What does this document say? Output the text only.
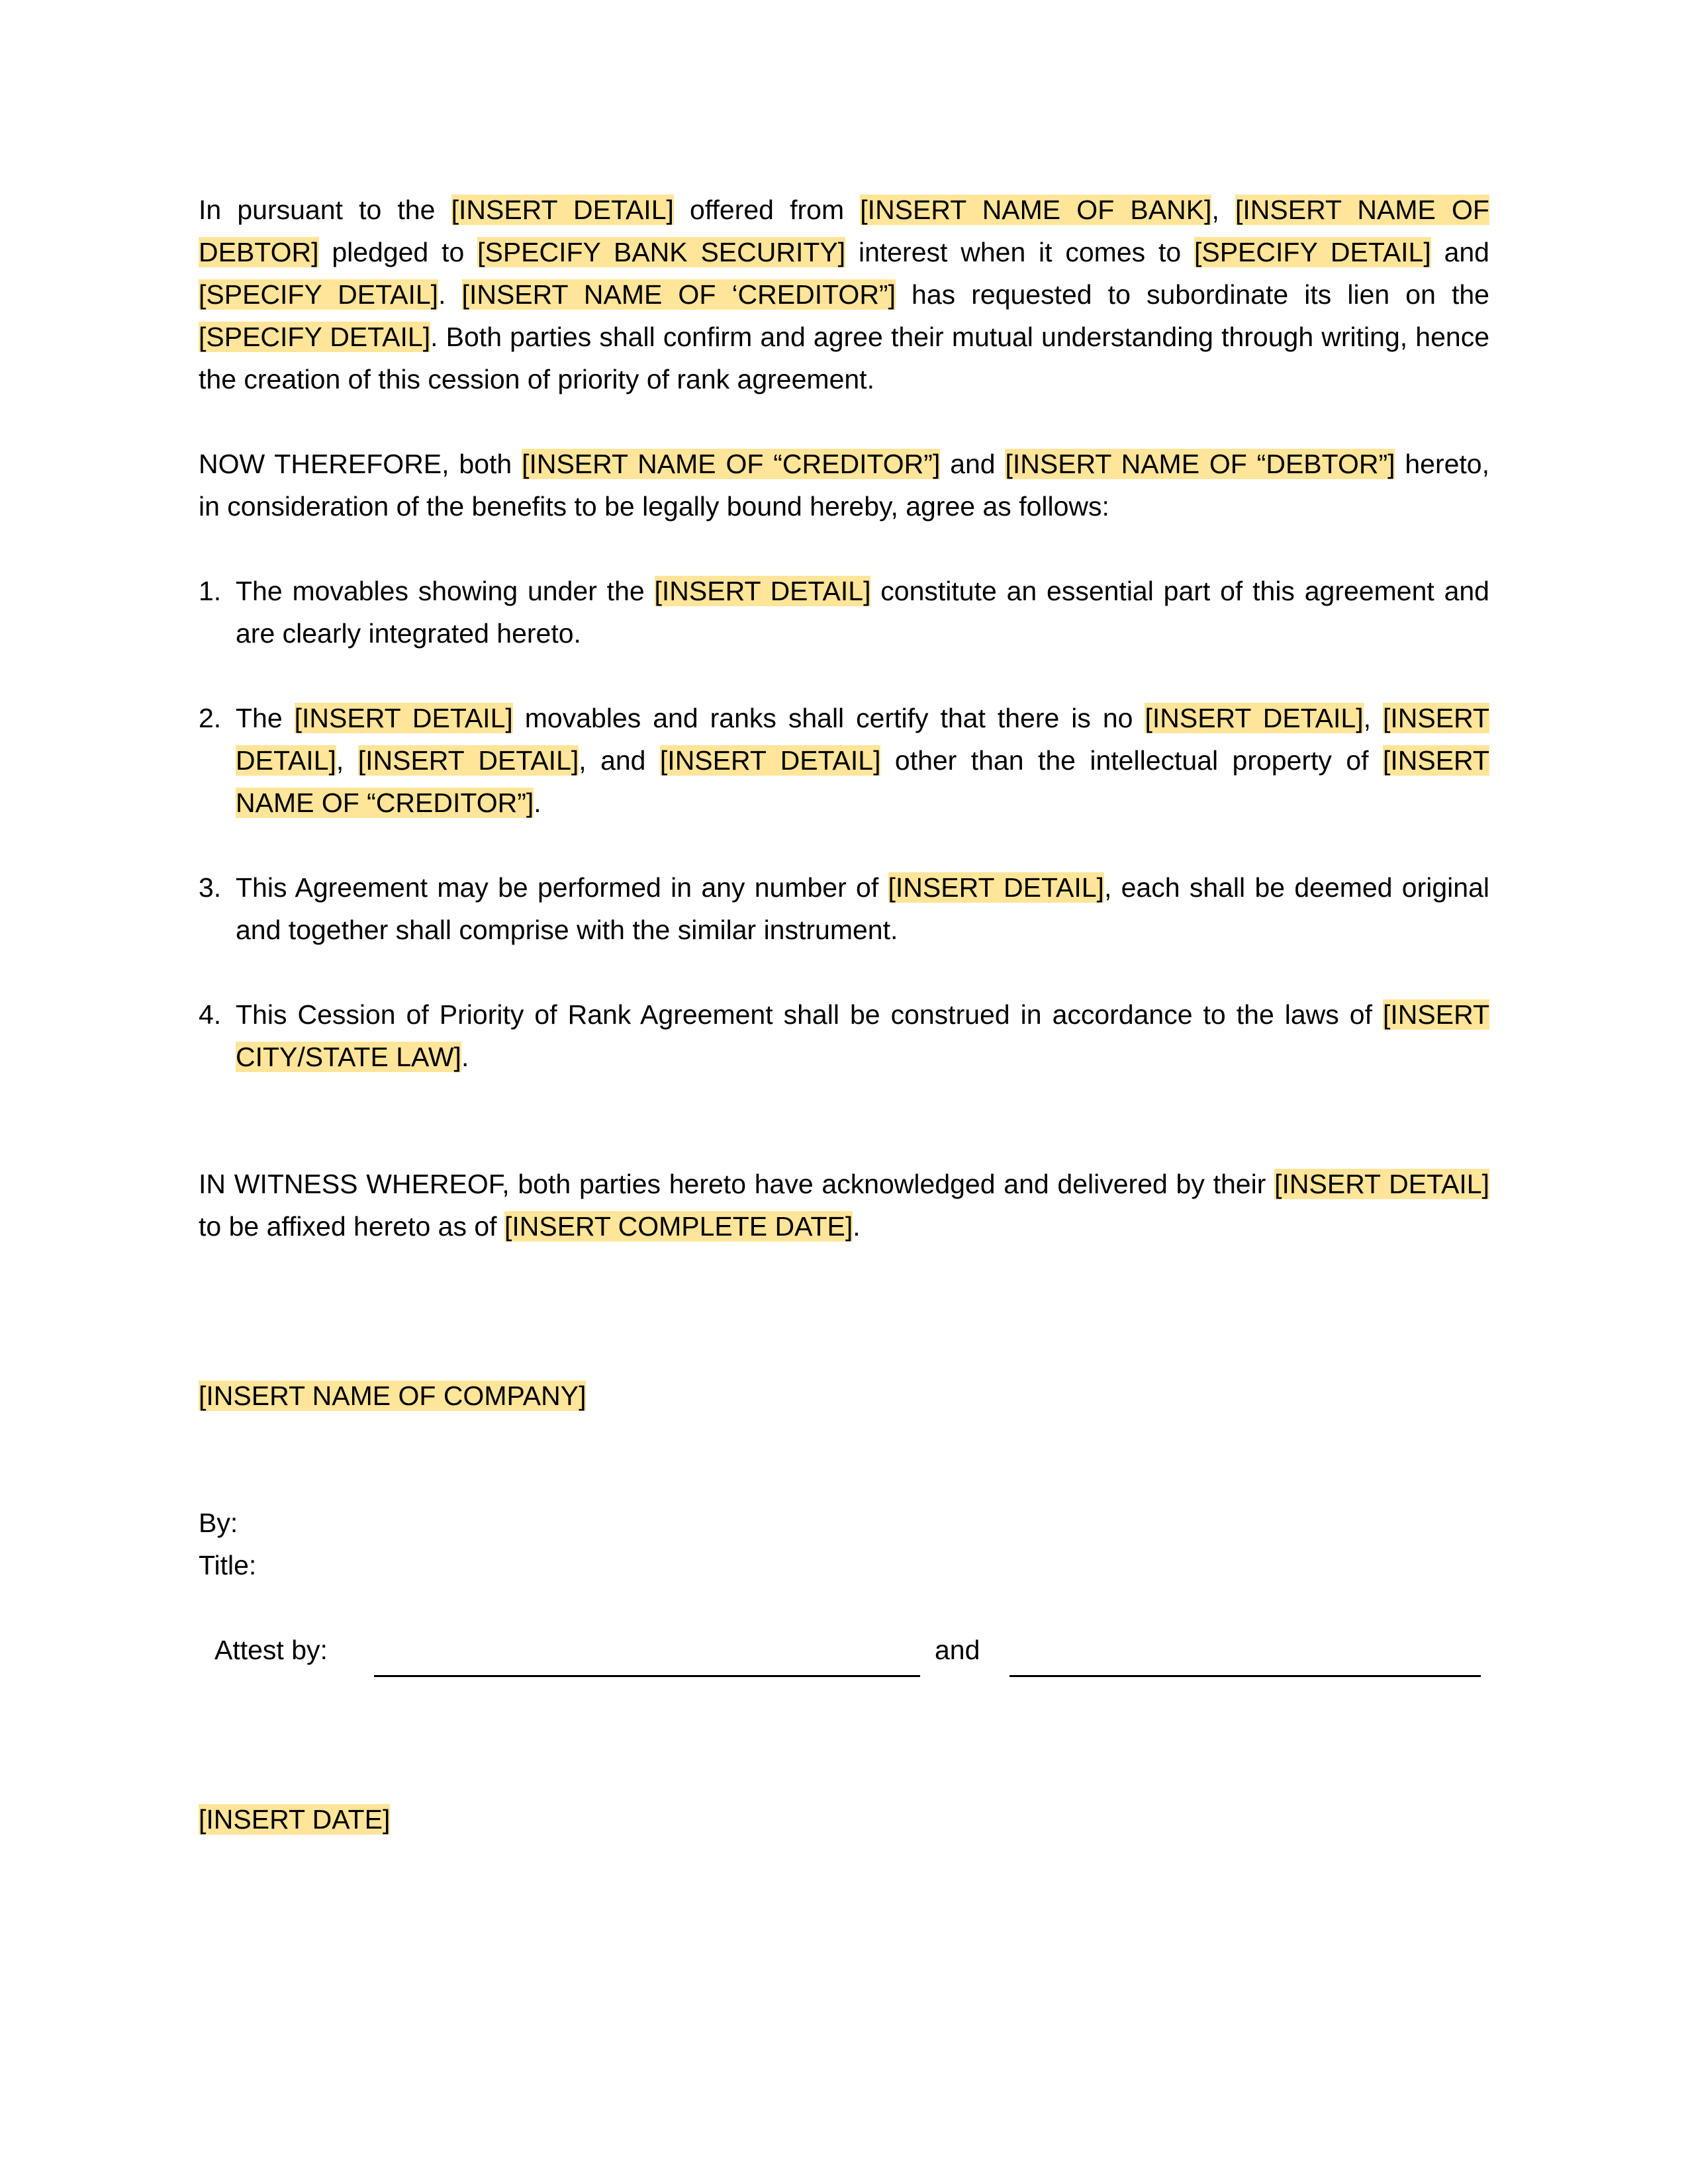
In pursuant to the [INSERT DETAIL] offered from [INSERT NAME OF BANK], [INSERT NAME OF DEBTOR] pledged to [SPECIFY BANK SECURITY] interest when it comes to [SPECIFY DETAIL] and [SPECIFY DETAIL]. [INSERT NAME OF ‘CREDITOR”] has requested to subordinate its lien on the [SPECIFY DETAIL]. Both parties shall confirm and agree their mutual understanding through writing, hence the creation of this cession of priority of rank agreement.

NOW THEREFORE, both [INSERT NAME OF “CREDITOR”] and [INSERT NAME OF “DEBTOR”] hereto, in consideration of the benefits to be legally bound hereby, agree as follows:

1. The movables showing under the [INSERT DETAIL] constitute an essential part of this agreement and are clearly integrated hereto.
2. The [INSERT DETAIL] movables and ranks shall certify that there is no [INSERT DETAIL], [INSERT DETAIL], [INSERT DETAIL], and [INSERT DETAIL] other than the intellectual property of [INSERT NAME OF “CREDITOR”].
3. This Agreement may be performed in any number of [INSERT DETAIL], each shall be deemed original and together shall comprise with the similar instrument.
4. This Cession of Priority of Rank Agreement shall be construed in accordance to the laws of [INSERT CITY/STATE LAW].

IN WITNESS WHEREOF, both parties hereto have acknowledged and delivered by their [INSERT DETAIL] to be affixed hereto as of [INSERT COMPLETE DATE].

[INSERT NAME OF COMPANY]
By:
Title:
Attest by:	and
[INSERT DATE]
